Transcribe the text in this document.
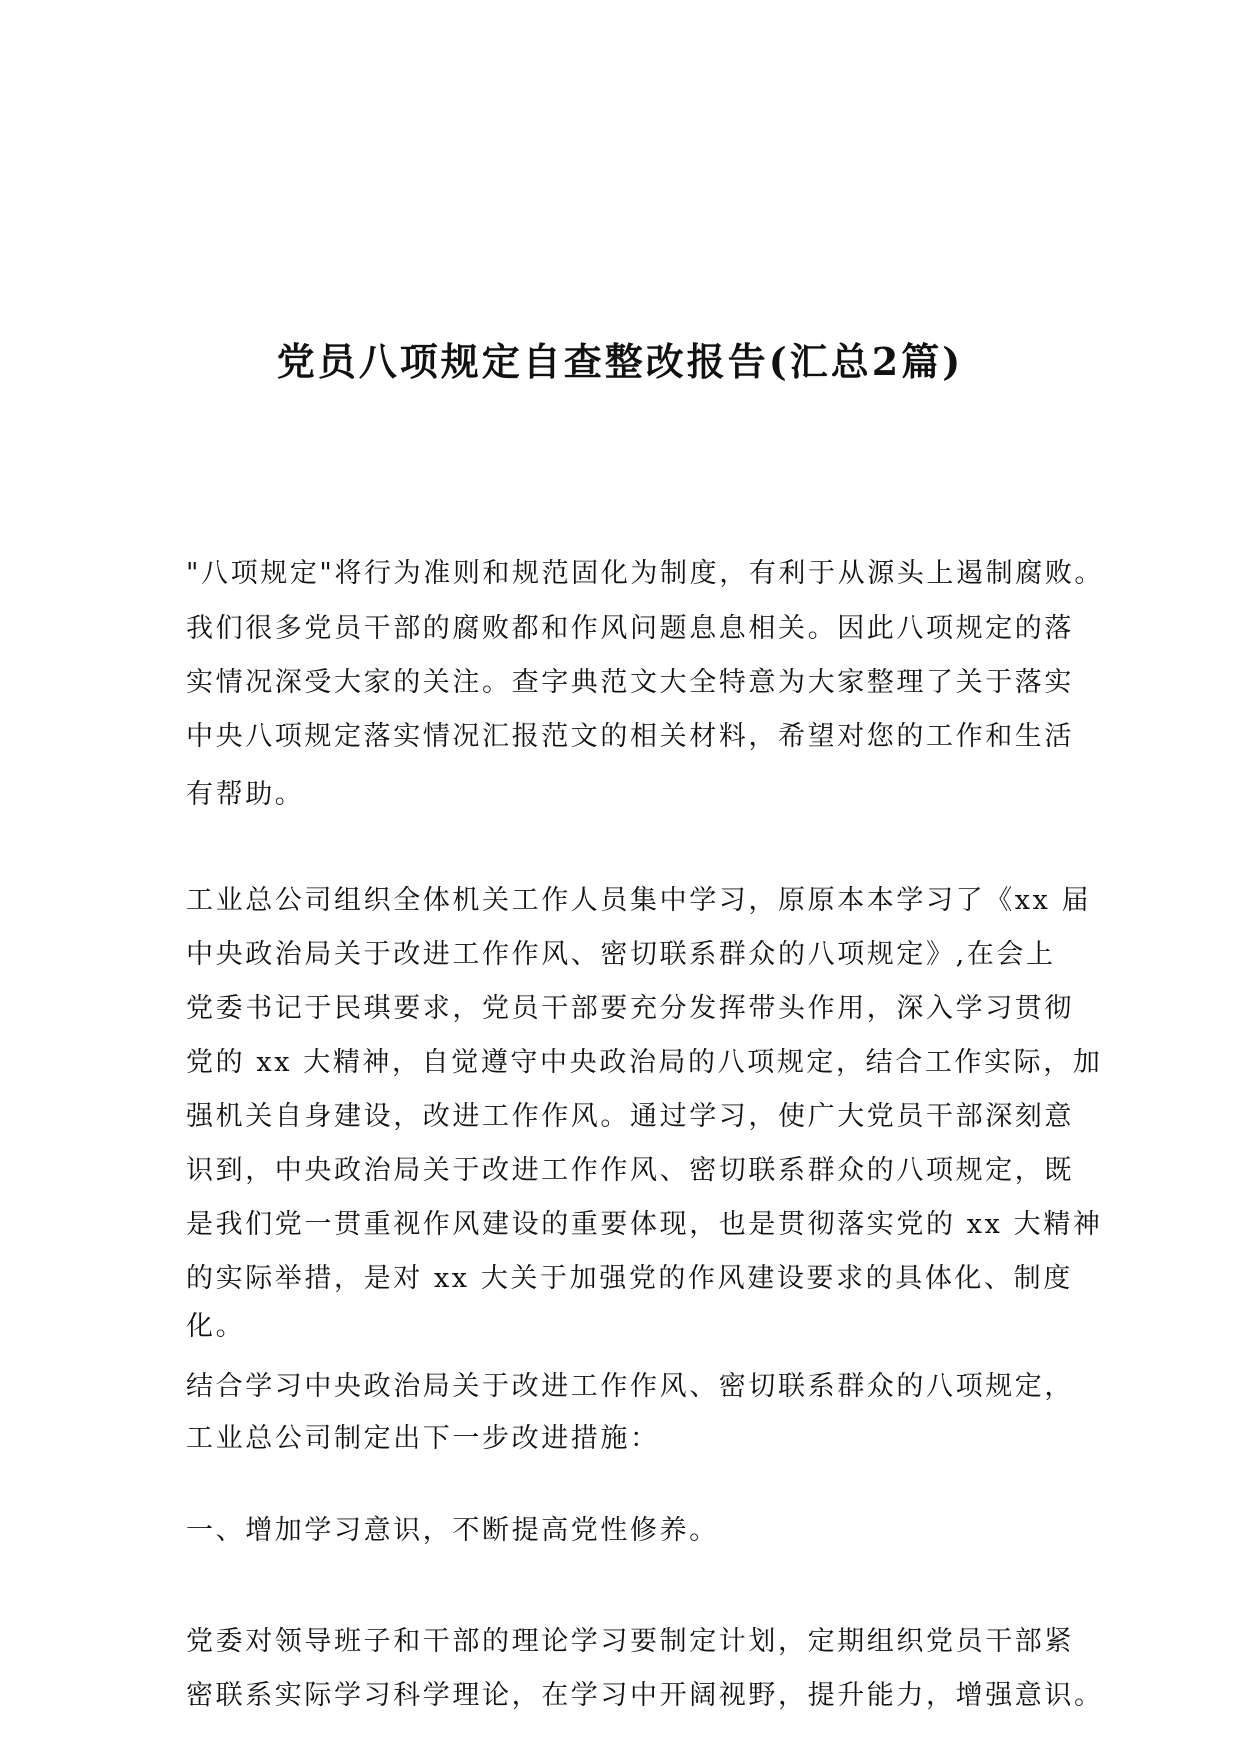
党员八项规定自查整改报告(汇总2篇)
"八项规定"将行为准则和规范固化为制度，有利于从源头上遏制腐败。
我们很多党员干部的腐败都和作风问题息息相关。因此八项规定的落
实情况深受大家的关注。查字典范文大全特意为大家整理了关于落实
中央八项规定落实情况汇报范文的相关材料，希望对您的工作和生活
有帮助。
工业总公司组织全体机关工作人员集中学习，原原本本学习了《xx 届
中央政治局关于改进工作作风、密切联系群众的八项规定》,在会上
党委书记于民琪要求，党员干部要充分发挥带头作用，深入学习贯彻
党的 xx 大精神，自觉遵守中央政治局的八项规定，结合工作实际，加
强机关自身建设，改进工作作风。通过学习，使广大党员干部深刻意
识到，中央政治局关于改进工作作风、密切联系群众的八项规定，既
是我们党一贯重视作风建设的重要体现，也是贯彻落实党的 xx 大精神
的实际举措，是对 xx 大关于加强党的作风建设要求的具体化、制度
化。
结合学习中央政治局关于改进工作作风、密切联系群众的八项规定，
工业总公司制定出下一步改进措施：
一、增加学习意识，不断提高党性修养。
党委对领导班子和干部的理论学习要制定计划，定期组织党员干部紧
密联系实际学习科学理论，在学习中开阔视野，提升能力，增强意识。
